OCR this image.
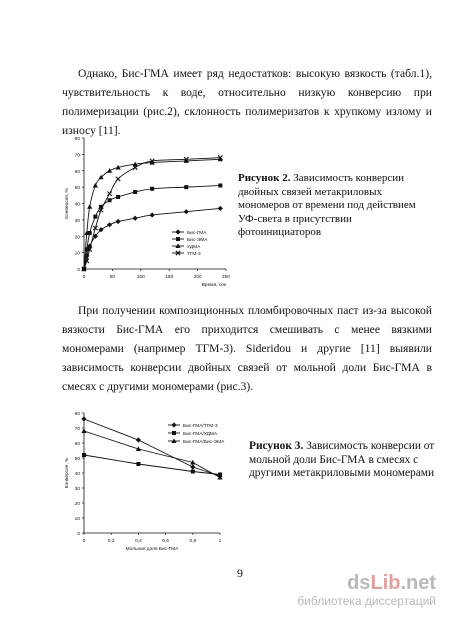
Однако, Бис-ГМА имеет ряд недостатков: высокую вязкость (табл.1), чувствительность к воде, относительно низкую конверсию при полимеризации (рис.2), склонность полимеризатов к хрупкому излому и износу [11].
0
10
20
30
40
50
60
70
80
0	50	100	150	200	250
Конверсия, %
Время, сек
Бис-ГМА
Бис-ЭМА
УДМА
ТГМ-3
Рисунок 2. Зависимость конверсии двойных связей метакриловых мономеров от времени под действием УФ-света в присутствии фотоинициаторов
При получении композиционных пломбировочных паст из-за высокой вязкости Бис-ГМА его приходится смешивать с менее вязкими мономерами (например ТГМ-3). Sideridou и другие [11] выявили зависимость конверсии двойных связей от мольной доли Бис-ГМА в смесях с другими мономерами (рис.3).
0
10
20
30
40
50
60
70
80
0	0,2	0,4	0,6	0,8	1
Конверсия, %
Мольная доля Бис-ГМА
Бис-ГМА/ТГМ-3
Бис-ГМА/УДМА
Бис-ГМА/Бис-ЭМА Рисунок 3. Зависимость конверсии от мольной доли Бис-ГМА в смесях с другими метакриловыми мономерами
9	dsLib.net
библиотека диссертаций
